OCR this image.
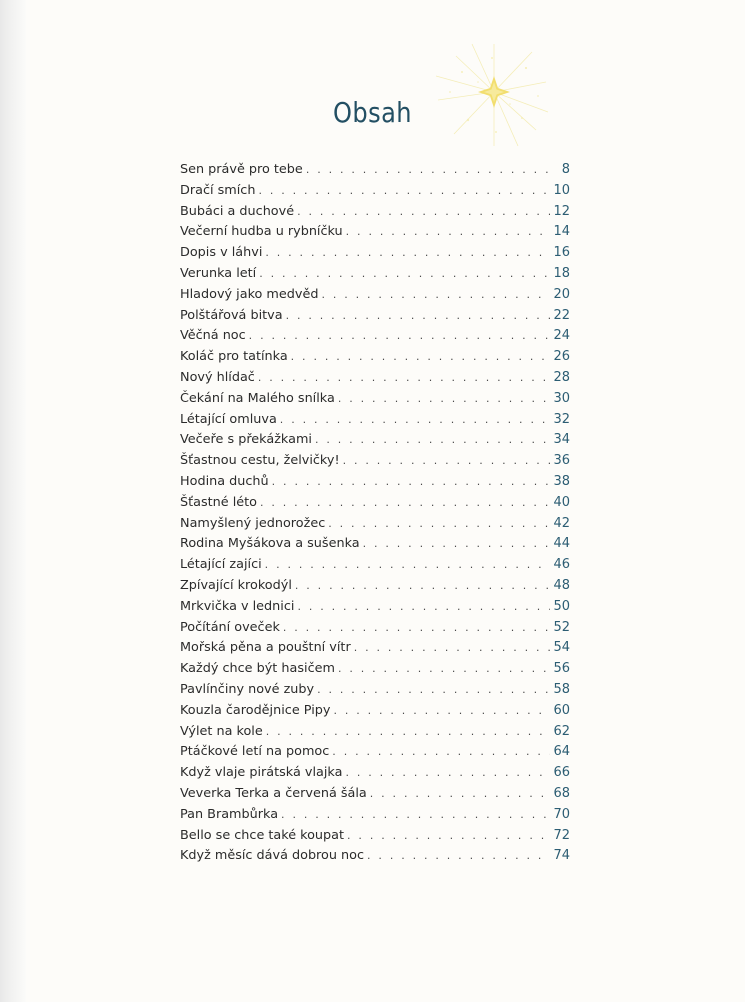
Obsah
Sen právě pro tebe . . .	8
Dračí smích . . .	10
Bubáci a duchové . . .	12
Večerní hudba u rybníčku . . .	14
Dopis v láhvi . . .	16
Verunka letí . . .	18
Hladový jako medvěd . . .	20
Polštářová bitva . . .	22
Věčná noc . . .	24
Koláč pro tatínka . . .	26
Nový hlídač . . .	28
Čekání na Malého snílka . . .	30
Létající omluva . . .	32
Večeře s překážkami . . .	34
Šťastnou cestu, želvičky! . . .	36
Hodina duchů . . .	38
Šťastné léto . . .	40
Namyšlený jednorožec . . .	42
Rodina Myšákova a sušenka . . .	44
Létající zajíci . . .	46
Zpívající krokodýl . . .	48
Mrkvička v lednici . . .	50
Počítání oveček . . .	52
Mořská pěna a pouštní vítr . . .	54
Každý chce být hasičem . . .	56
Pavlínčiny nové zuby . . .	58
Kouzla čarodějnice Pipy . . .	60
Výlet na kole . . .	62
Ptáčkové letí na pomoc . . .	64
Když vlaje pirátská vlajka . . .	66
Veverka Terka a červená šála . . .	68
Pan Brambůrka . . .	70
Bello se chce také koupat . . .	72
Když měsíc dává dobrou noc . . .	74
